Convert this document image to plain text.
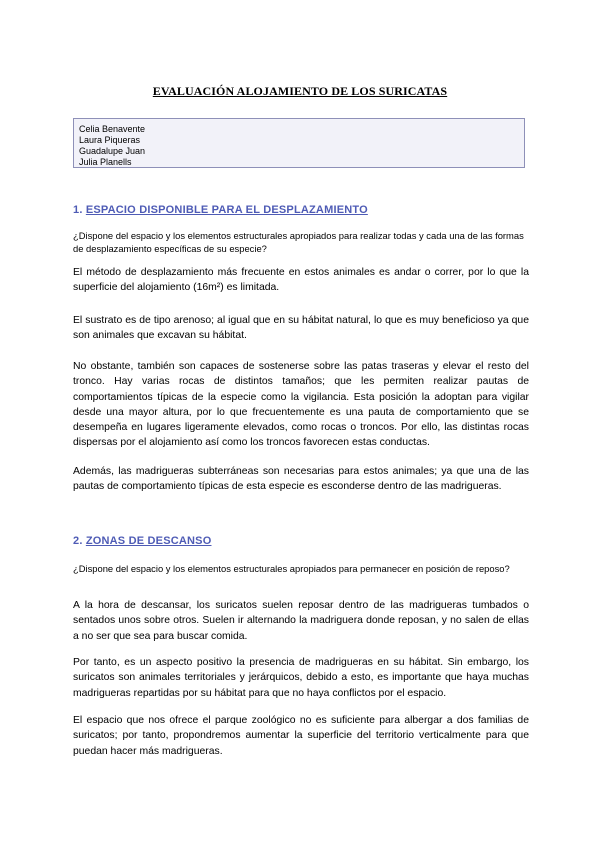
EVALUACIÓN ALOJAMIENTO DE LOS SURICATAS
Celia Benavente
Laura Piqueras
Guadalupe Juan
Julia Planells
1. ESPACIO DISPONIBLE PARA EL DESPLAZAMIENTO
¿Dispone del espacio y los elementos estructurales apropiados para realizar todas y cada una de las formas de desplazamiento específicas de su especie?
El método de desplazamiento más frecuente en estos animales es andar o correr, por lo que la superficie del alojamiento (16m²) es limitada.
El sustrato es de tipo arenoso; al igual que en su hábitat natural, lo que es muy beneficioso ya que son animales que excavan su hábitat.
No obstante, también son capaces de sostenerse sobre las patas traseras y elevar el resto del tronco. Hay varias rocas de distintos tamaños; que les permiten realizar pautas de comportamientos típicas de la especie como la vigilancia. Esta posición la adoptan para vigilar desde una mayor altura, por lo que frecuentemente es una pauta de comportamiento que se desempeña en lugares ligeramente elevados, como rocas o troncos. Por ello, las distintas rocas dispersas por el alojamiento así como los troncos favorecen estas conductas.
Además, las madrigueras subterráneas son necesarias para estos animales; ya que una de las pautas de comportamiento típicas de esta especie es esconderse dentro de las madrigueras.
2. ZONAS DE DESCANSO
¿Dispone del espacio y los elementos estructurales apropiados para permanecer en posición de reposo?
A la hora de descansar, los suricatos suelen reposar dentro de las madrigueras tumbados o sentados unos sobre otros. Suelen ir alternando la madriguera donde reposan, y no salen de ellas a no ser que sea para buscar comida.
Por tanto, es un aspecto positivo la presencia de madrigueras en su hábitat. Sin embargo, los suricatos son animales territoriales y jerárquicos, debido a esto, es importante que haya muchas madrigueras repartidas por su hábitat para que no haya conflictos por el espacio.
El espacio que nos ofrece el parque zoológico no es suficiente para albergar a dos familias de suricatos; por tanto, propondremos aumentar la superficie del territorio verticalmente para que puedan hacer más madrigueras.
